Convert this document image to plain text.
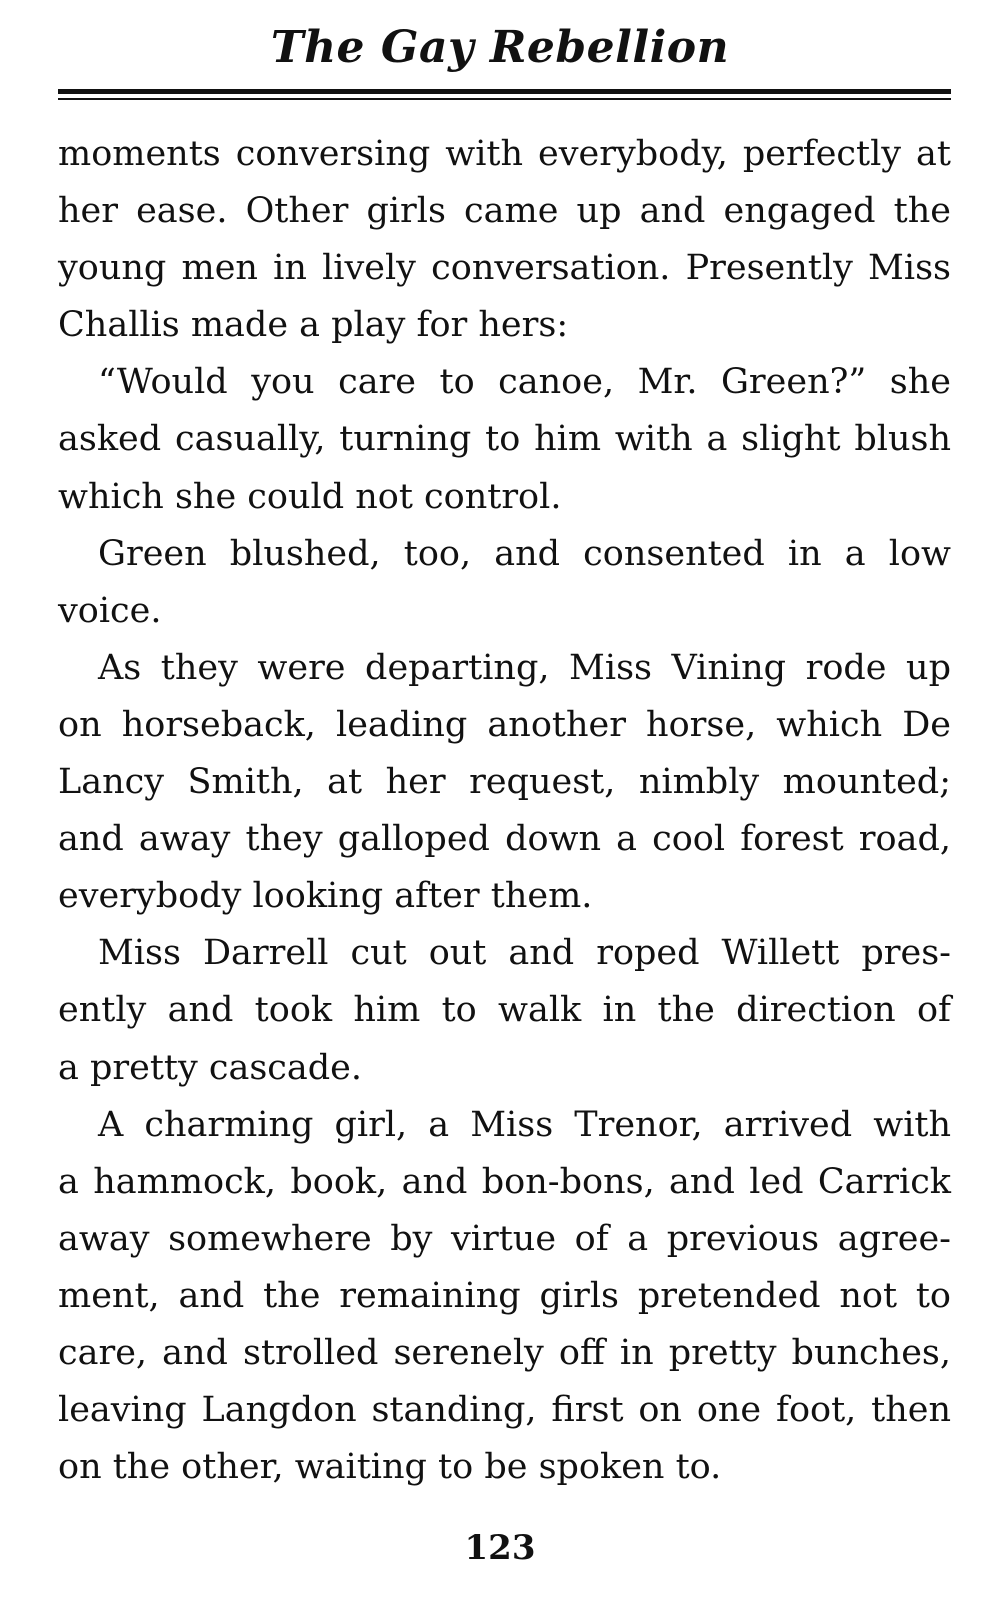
The Gay Rebellion
moments conversing with everybody, perfectly at
her ease. Other girls came up and engaged the
young men in lively conversation. Presently Miss
Challis made a play for hers:
“Would you care to canoe, Mr. Green?” she
asked casually, turning to him with a slight blush
which she could not control.
Green blushed, too, and consented in a low
voice.
As they were departing, Miss Vining rode up
on horseback, leading another horse, which De
Lancy Smith, at her request, nimbly mounted;
and away they galloped down a cool forest road,
everybody looking after them.
Miss Darrell cut out and roped Willett pres-
ently and took him to walk in the direction of
a pretty cascade.
A charming girl, a Miss Trenor, arrived with
a hammock, book, and bon-bons, and led Carrick
away somewhere by virtue of a previous agree-
ment, and the remaining girls pretended not to
care, and strolled serenely off in pretty bunches,
leaving Langdon standing, first on one foot, then
on the other, waiting to be spoken to.
123
